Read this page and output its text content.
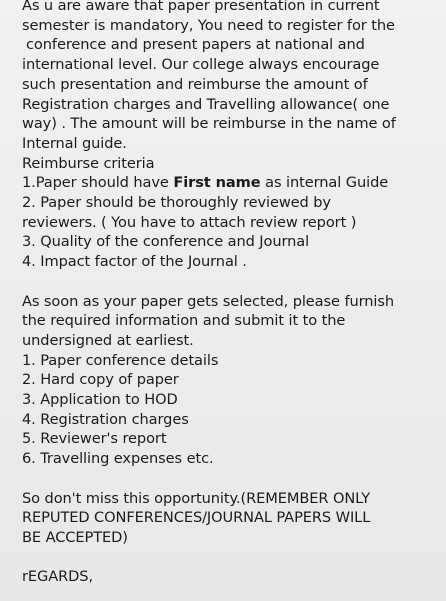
As u are aware that paper presentation in current
semester is mandatory, You need to register for the
conference and present papers at national and
international level. Our college always encourage
such presentation and reimburse the amount of
Registration charges and Travelling allowance( one
way) . The amount will be reimburse in the name of
Internal guide.
Reimburse criteria
1.Paper should have First name as internal Guide
2. Paper should be thoroughly reviewed by
reviewers. ( You have to attach review report )
3. Quality of the conference and Journal
4. Impact factor of the Journal .
As soon as your paper gets selected, please furnish
the required information and submit it to the
undersigned at earliest.
1. Paper conference details
2. Hard copy of paper
3. Application to HOD
4. Registration charges
5. Reviewer's report
6. Travelling expenses etc.
So don't miss this opportunity.(REMEMBER ONLY
REPUTED CONFERENCES/JOURNAL PAPERS WILL
BE ACCEPTED)
rEGARDS,
